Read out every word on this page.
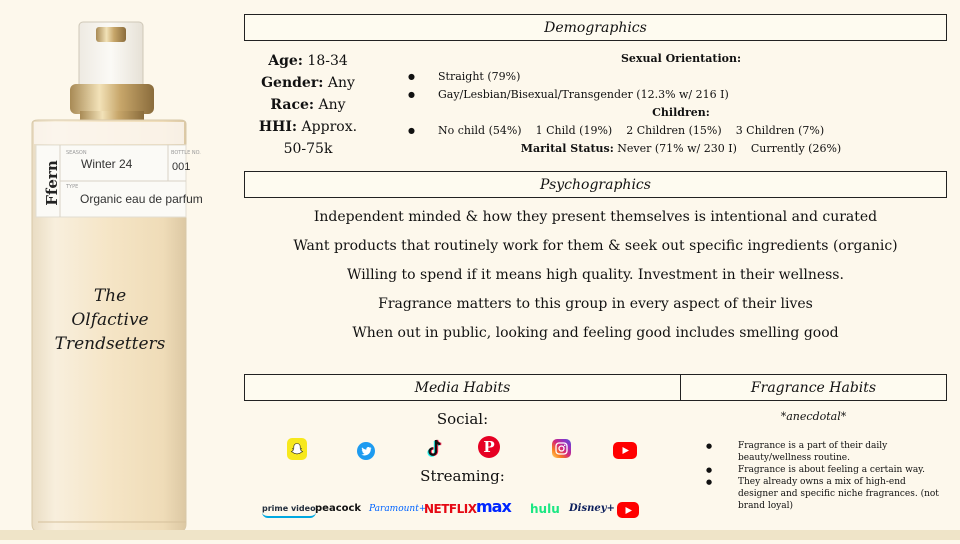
Ffern
SEASON
Winter 24
BOTTLE NO.
001
TYPE
Organic eau de parfum
The
Olfactive
Trendsetters
Demographics
Age: 18-34
Gender: Any
Race: Any
HHI: Approx.
50-75k
Sexual Orientation:
● Straight (79%)
● Gay/Lesbian/Bisexual/Transgender (12.3% w/ 216 I)
Children:
● No child (54%) 1 Child (19%) 2 Children (15%) 3 Children (7%)
Marital Status: Never (71% w/ 230 I) Currently (26%)
Psychographics
Independent minded & how they present themselves is intentional and curated
Want products that routinely work for them & seek out specific ingredients (organic)
Willing to spend if it means high quality. Investment in their wellness.
Fragrance matters to this group in every aspect of their lives
When out in public, looking and feeling good includes smelling good
Media Habits
Social:
P
Streaming:
prime video peacock Paramount+
NETFLIX max hulu Disney+
Fragrance Habits
*anecdotal*
● Fragrance is a part of their daily beauty/wellness routine.
● Fragrance is about feeling a certain way.
● They already owns a mix of high-end designer and specific niche fragrances. (not brand loyal)
